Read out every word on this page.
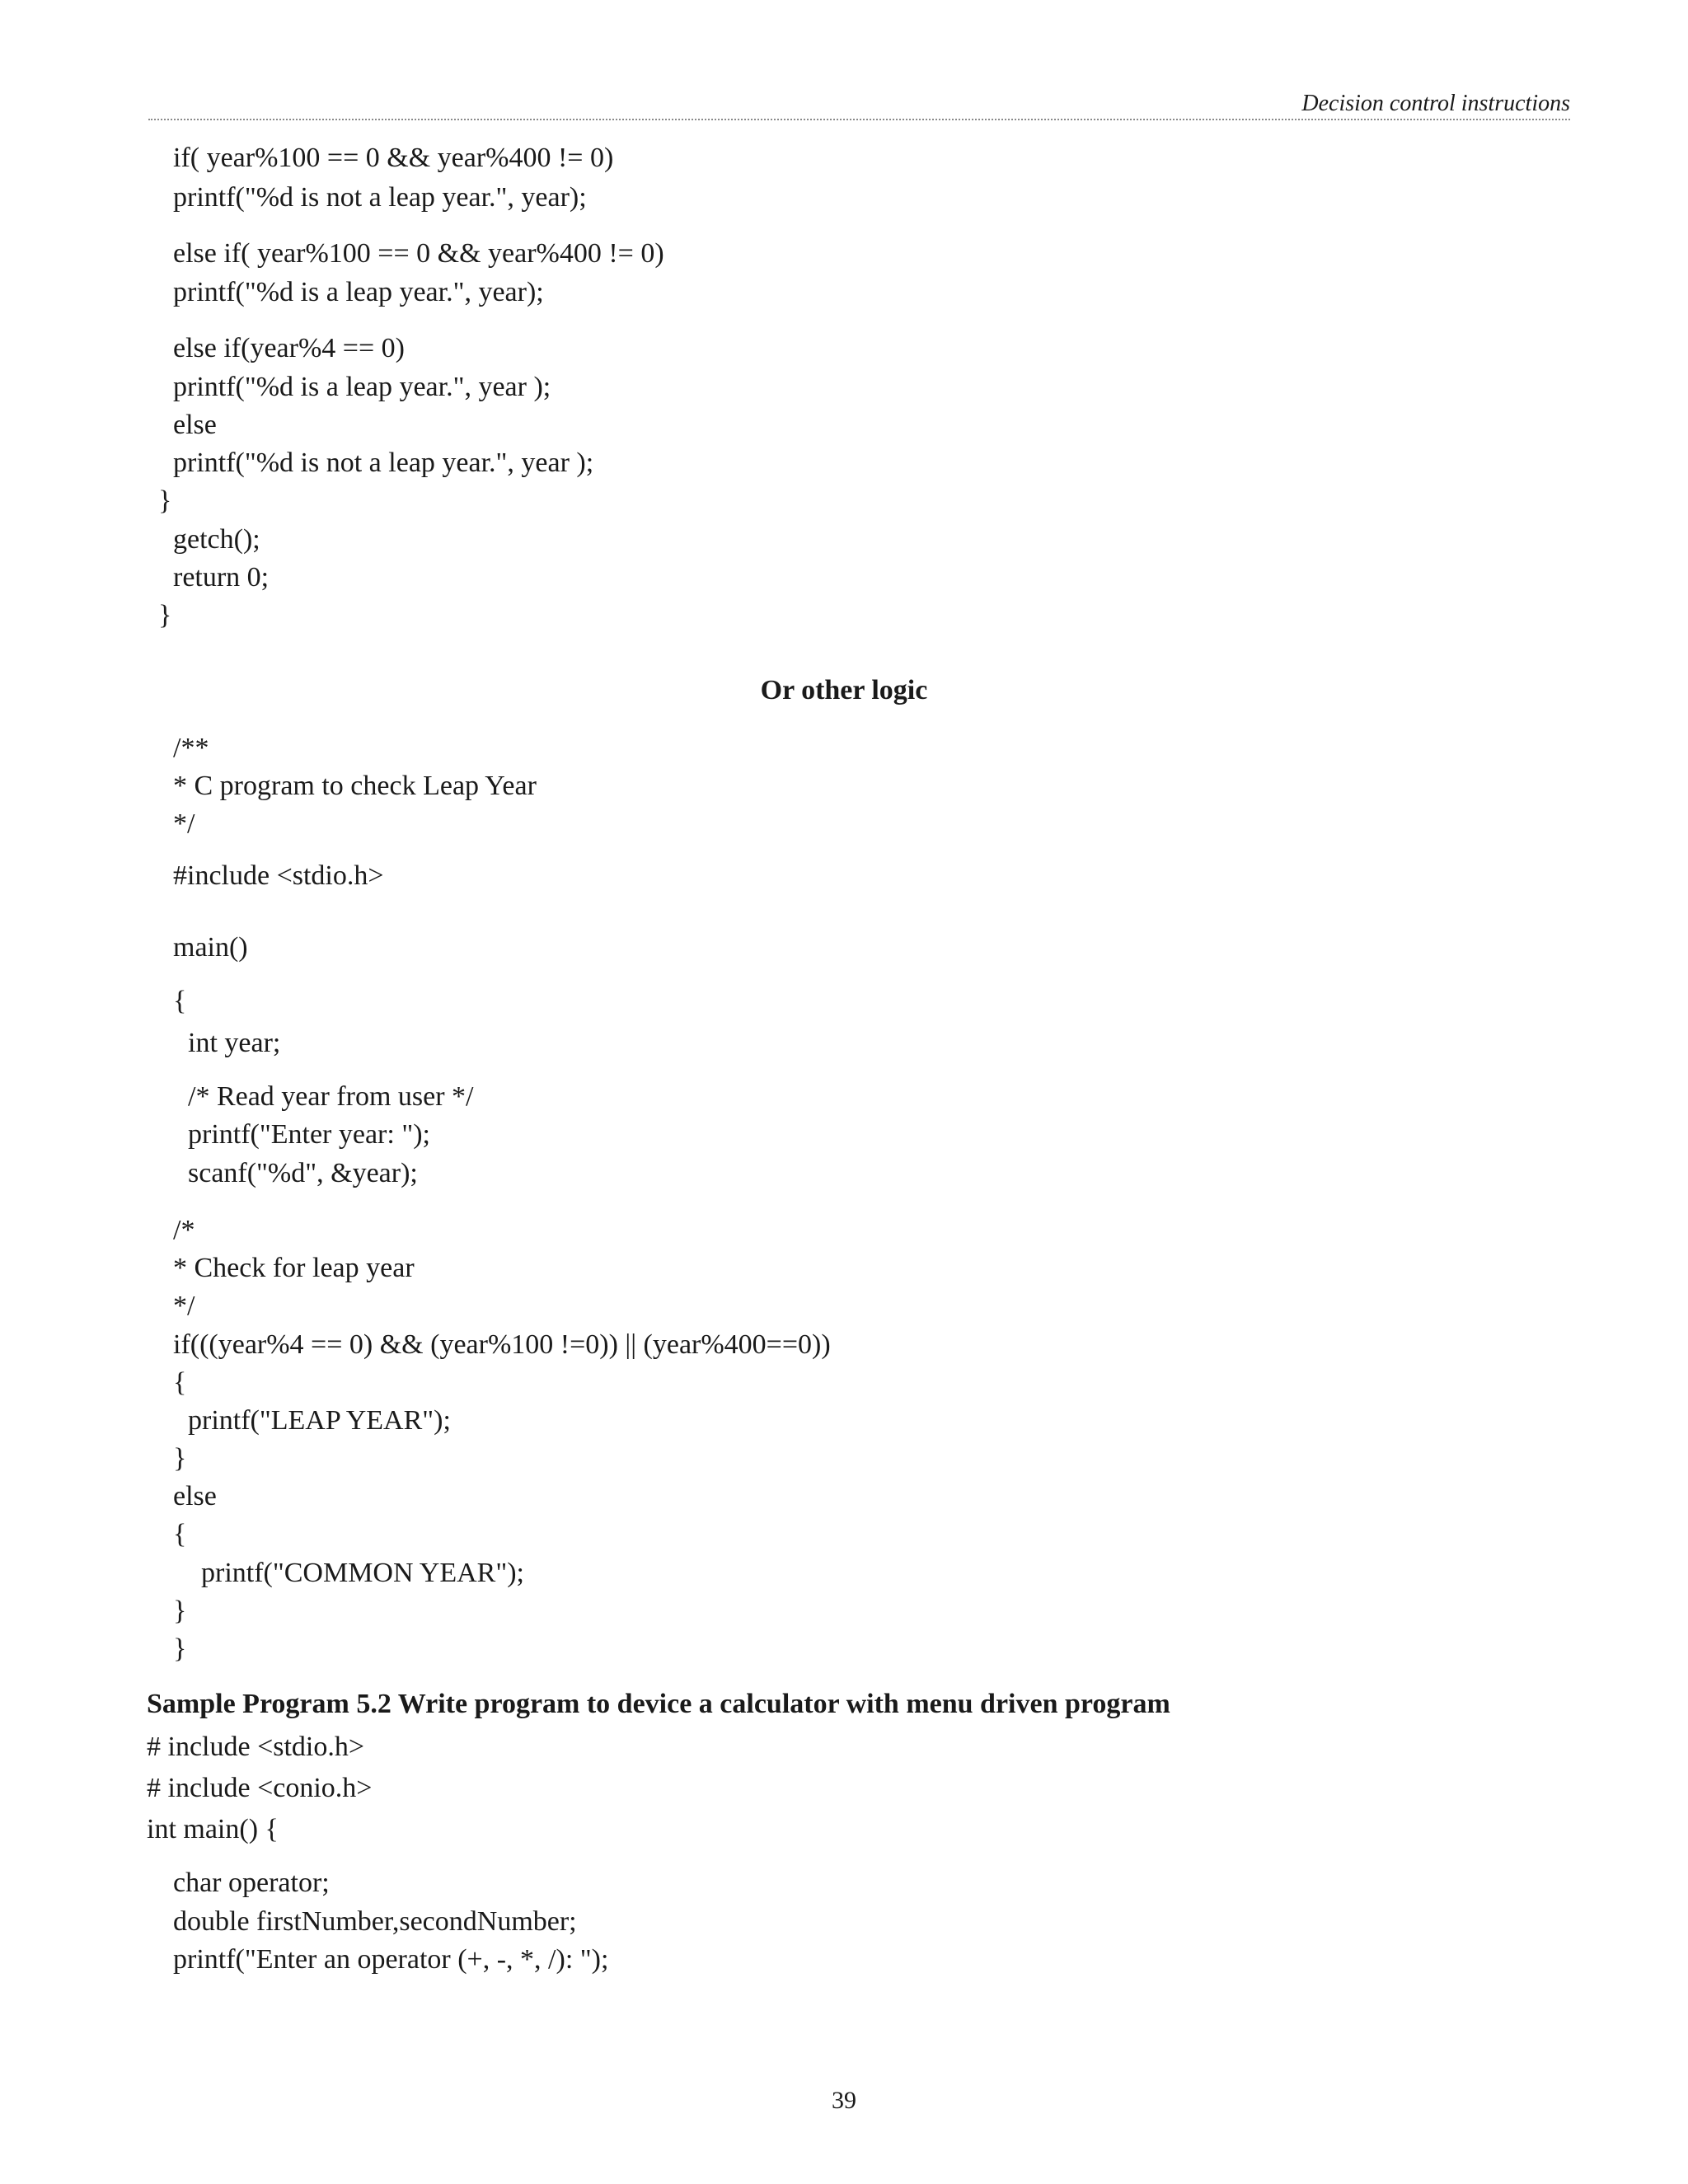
Decision control instructions
if( year%100 == 0 && year%400 != 0)
printf("%d is not a leap year.", year);
else if( year%100 == 0 && year%400 != 0)
printf("%d is a leap year.", year);
else if(year%4 == 0)
printf("%d is a leap year.", year );
else
printf("%d is not a leap year.", year );
}
getch();
return 0;
}
Or other logic
/**
* C program to check Leap Year
*/
#include <stdio.h>
main()
{
int year;
/* Read year from user */
printf("Enter year: ");
scanf("%d", &year);
/*
* Check for leap year
*/
if(((year%4 == 0) && (year%100 !=0)) || (year%400==0))
{
printf("LEAP YEAR");
}
else
{
printf("COMMON YEAR");
}
}
Sample Program 5.2 Write program to device a calculator with menu driven program
# include <stdio.h>
# include <conio.h>
int main() {
char operator;
double firstNumber,secondNumber;
printf("Enter an operator (+, -, *, /): ");
39
